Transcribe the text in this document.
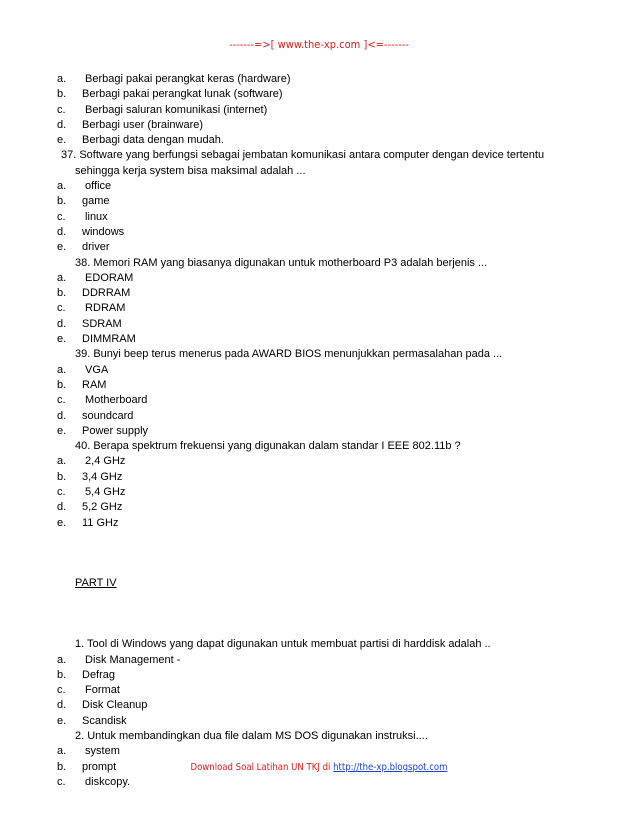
-------=>[ www.the-xp.com ]<=-------
a.	Berbagi pakai perangkat keras (hardware)
b.	Berbagi pakai perangkat lunak (software)
c.	Berbagi saluran komunikasi (internet)
d.	Berbagi user (brainware)
e.	Berbagi data dengan mudah.
37. Software yang berfungsi sebagai jembatan komunikasi antara computer dengan device tertentu
sehingga kerja system bisa maksimal adalah ...
a.	office
b.	game
c.	linux
d.	windows
e.	driver
38. Memori RAM yang biasanya digunakan untuk motherboard P3 adalah berjenis ...
a.	EDORAM
b.	DDRRAM
c.	RDRAM
d.	SDRAM
e.	DIMMRAM
39. Bunyi beep terus menerus pada AWARD BIOS menunjukkan permasalahan pada ...
a.	VGA
b.	RAM
c.	Motherboard
d.	soundcard
e.	Power supply
40. Berapa spektrum frekuensi yang digunakan dalam standar I EEE 802.11b ?
a.	2,4 GHz
b.	3,4 GHz
c.	5,4 GHz
d.	5,2 GHz
e.	11 GHz
PART IV
1. Tool di Windows yang dapat digunakan untuk membuat partisi di harddisk adalah ..
a.	Disk Management -
b.	Defrag
c.	Format
d.	Disk Cleanup
e.	Scandisk
2. Untuk membandingkan dua file dalam MS DOS digunakan instruksi....
a.	system
b.	prompt
c.	diskcopy.
Download Soal Latihan UN TKJ di http://the-xp.blogspot.com
